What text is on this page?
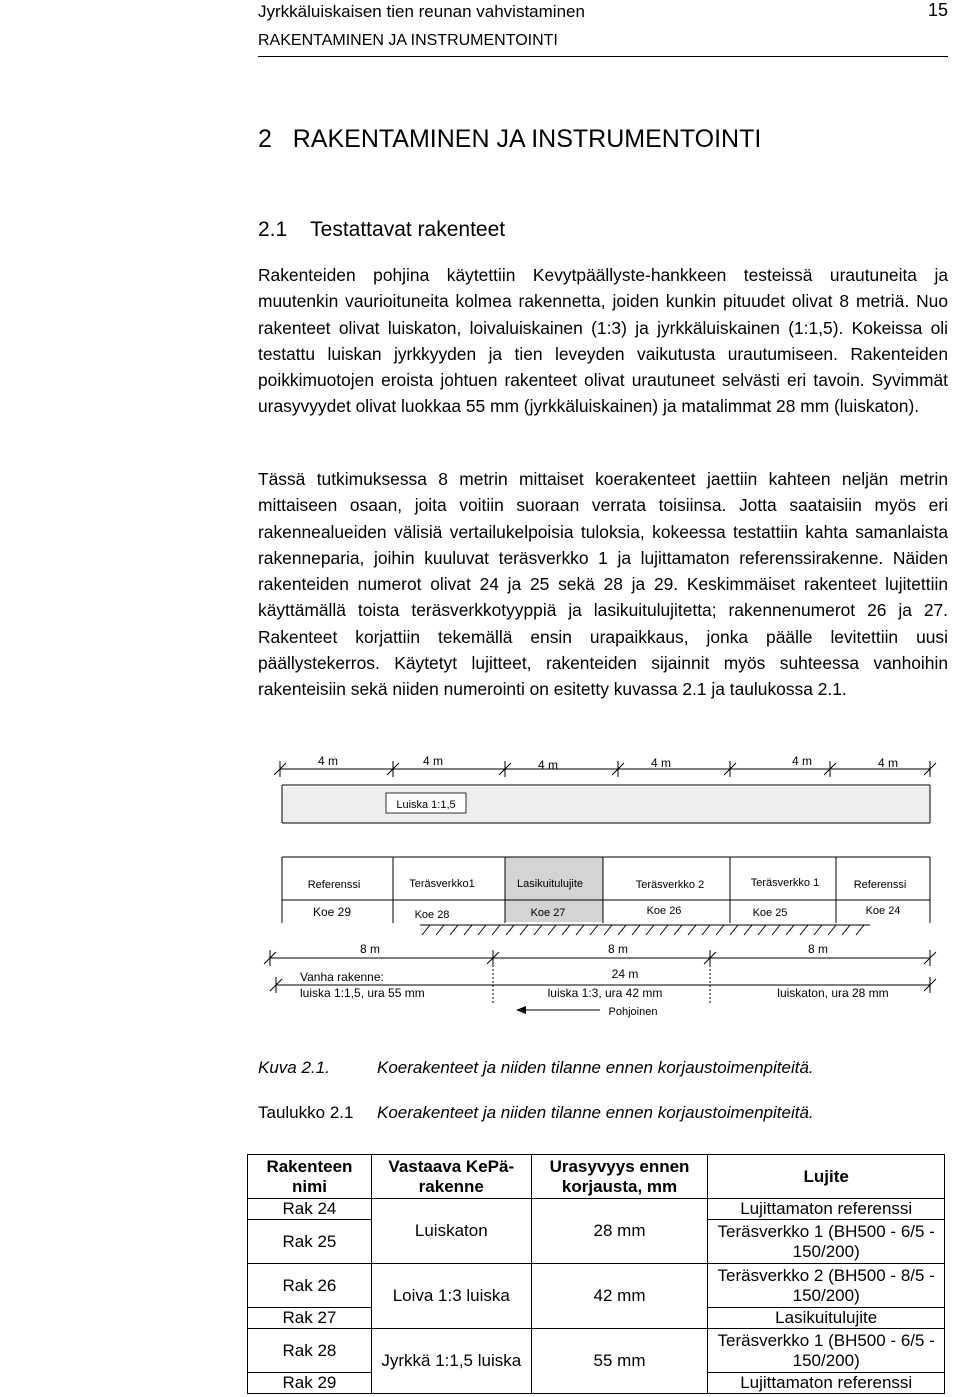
Jyrkkäluiskaisen tien reunan vahvistaminen
RAKENTAMINEN JA INSTRUMENTOINTI
15
2   RAKENTAMINEN JA INSTRUMENTOINTI
2.1    Testattavat rakenteet

Rakenteiden pohjina käytettiin Kevytpäällyste-hankkeen testeissä urautuneita ja muutenkin vaurioituneita kolmea rakennetta, joiden kunkin pituudet olivat 8 metriä. Nuo rakenteet olivat luiskaton, loivaluiskainen (1:3) ja jyrkkäluiskainen (1:1,5). Kokeissa oli testattu luiskan jyrkkyyden ja tien leveyden vaikutusta urautumiseen. Rakenteiden poikkimuotojen eroista johtuen rakenteet olivat urautuneet selvästi eri tavoin. Syvimmät urasyvyydet olivat luokkaa 55 mm (jyrkkäluiskainen) ja matalimmat 28 mm (luiskaton).

Tässä tutkimuksessa 8 metrin mittaiset koerakenteet jaettiin kahteen neljän metrin mittaiseen osaan, joita voitiin suoraan verrata toisiinsa. Jotta saataisiin myös eri rakennealueiden välisiä vertailukelpoisia tuloksia, kokeessa testattiin kahta samanlaista rakenneparia, joihin kuuluvat teräsverkko 1 ja lujittamaton referenssirakenne. Näiden rakenteiden numerot olivat 24 ja 25 sekä 28 ja 29. Keskimmäiset rakenteet lujitettiin käyttämällä toista teräsverkkotyyppiä ja lasikuitulujitetta; rakennenumerot 26 ja 27. Rakenteet korjattiin tekemällä ensin urapaikkaus, jonka päälle levitettiin uusi päällystekerros. Käytetyt lujitteet, rakenteiden sijainnit myös suhteessa vanhoihin rakenteisiin sekä niiden numerointi on esitetty kuvassa 2.1 ja taulukossa 2.1.

4 m	4 m	4 m	4 m	4 m	4 m
Luiska 1:1,5
Referenssi	Teräsverkko1	Lasikuitulujite	Teräsverkko 2	Teräsverkko 1	Referenssi
Koe 29	Koe 28	Koe 27	Koe 26	Koe 25	Koe 24
8 m	8 m	8 m
24 m
Vanha rakenne:
luiska 1:1,5, ura 55 mm	luiska 1:3, ura 42 mm	luiskaton, ura 28 mm
Pohjoinen
Kuva 2.1.	Koerakenteet ja niiden tilanne ennen korjaustoimenpiteitä.
Taulukko 2.1 Koerakenteet ja niiden tilanne ennen korjaustoimenpiteitä.
Rakenteen nimi	Vastaava KePä-rakenne	Urasyvyys ennen korjausta, mm	Lujite
Rak 24	Luiskaton	28 mm	Lujittamaton referenssi
Rak 25			Teräsverkko 1 (BH500 - 6/5 - 150/200)
Rak 26	Loiva 1:3 luiska	42 mm	Teräsverkko 2 (BH500 - 8/5 - 150/200)
Rak 27			Lasikuitulujite
Rak 28	Jyrkkä 1:1,5 luiska	55 mm	Teräsverkko 1 (BH500 - 6/5 - 150/200)
Rak 29			Lujittamaton referenssi
